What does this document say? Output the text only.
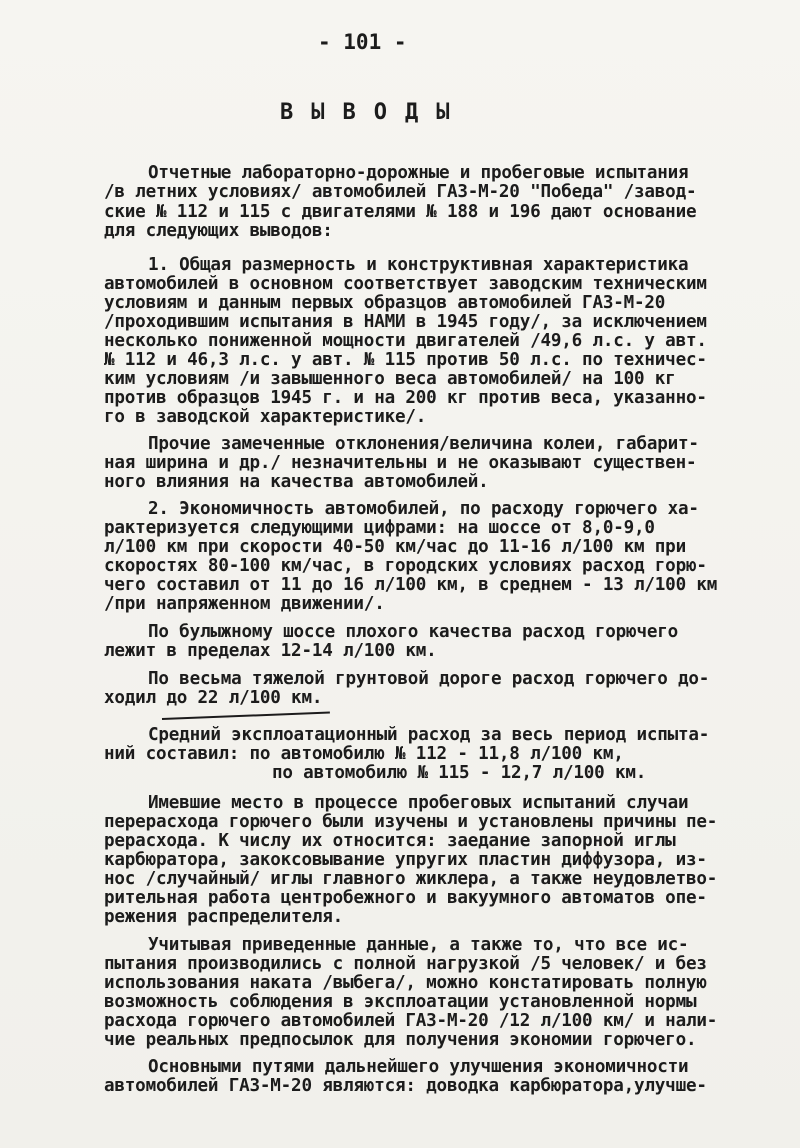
- 101 -
ВЫВОДЫ
Отчетные лабораторно-дорожные и пробеговые испытания
/в летних условиях/ автомобилей ГАЗ-М-20 "Победа" /завод-
ские № 112 и 115 с двигателями № 188 и 196 дают основание
для следующих выводов:
1. Общая размерность и конструктивная характеристика
автомобилей в основном соответствует заводским техническим
условиям и данным первых образцов автомобилей ГАЗ-М-20
/проходившим испытания в НАМИ в 1945 году/, за исключением
несколько пониженной мощности двигателей /49,6 л.с. у авт.
№ 112 и 46,3 л.с. у авт. № 115 против 50 л.с. по техничес-
ким условиям /и завышенного веса автомобилей/ на 100 кг
против образцов 1945 г. и на 200 кг против веса, указанно-
го в заводской характеристике/.
Прочие замеченные отклонения/величина колеи, габарит-
ная ширина и др./ незначительны и не оказывают существен-
ного влияния на качества автомобилей.
2. Экономичность автомобилей, по расходу горючего ха-
рактеризуется следующими цифрами: на шоссе от 8,0-9,0
л/100 км при скорости 40-50 км/час до 11-16 л/100 км при
скоростях 80-100 км/час, в городских условиях расход горю-
чего составил от 11 до 16 л/100 км, в среднем - 13 л/100 км
/при напряженном движении/.
По булыжному шоссе плохого качества расход горючего
лежит в пределах 12-14 л/100 км.
По весьма тяжелой грунтовой дороге расход горючего до-
ходил до 22 л/100 км.
Средний эксплоатационный расход за весь период испыта-
ний составил: по автомобилю № 112 - 11,8 л/100 км,
по автомобилю № 115 - 12,7 л/100 км.
Имевшие место в процессе пробеговых испытаний случаи
перерасхода горючего были изучены и установлены причины пе-
рерасхода. К числу их относится: заедание запорной иглы
карбюратора, закоксовывание упругих пластин диффузора, из-
нос /случайный/ иглы главного жиклера, а также неудовлетво-
рительная работа центробежного и вакуумного автоматов опе-
режения распределителя.
Учитывая приведенные данные, а также то, что все ис-
пытания производились с полной нагрузкой /5 человек/ и без
использования наката /выбега/, можно констатировать полную
возможность соблюдения в эксплоатации установленной нормы
расхода горючего автомобилей ГАЗ-М-20 /12 л/100 км/ и нали-
чие реальных предпосылок для получения экономии горючего.
Основными путями дальнейшего улучшения экономичности
автомобилей ГАЗ-М-20 являются: доводка карбюратора,улучше-
